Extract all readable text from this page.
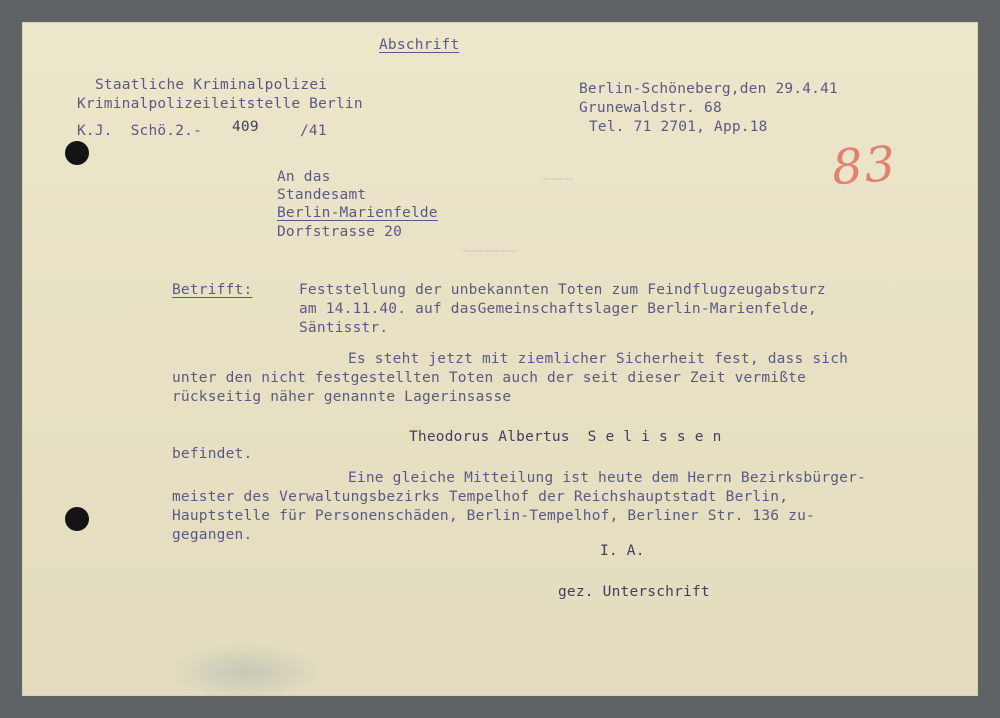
~~~~
~~~~~~~
Abschrift
Staatliche Kriminalpolizei
Kriminalpolizeileitstelle Berlin
K.J.  Schö.2.- 409	/41
Berlin-Schöneberg,den 29.4.41
Grunewaldstr. 68
Tel. 71 2701, App.18
83
An das
Standesamt
Berlin-Marienfelde
Dorfstrasse 20
Betrifft:	Feststellung der unbekannten Toten zum Feindflugzeugabsturz
am 14.11.40. auf dasGemeinschaftslager Berlin-Marienfelde,
Säntisstr.
Es steht jetzt mit ziemlicher Sicherheit fest, dass sich
unter den nicht festgestellten Toten auch der seit dieser Zeit vermißte
rückseitig näher genannte Lagerinsasse
Theodorus Albertus  S e l i s s e n
befindet.
Eine gleiche Mitteilung ist heute dem Herrn Bezirksbürger-
meister des Verwaltungsbezirks Tempelhof der Reichshauptstadt Berlin,
Hauptstelle für Personenschäden, Berlin-Tempelhof, Berliner Str. 136 zu-
gegangen.
I. A.
gez. Unterschrift
